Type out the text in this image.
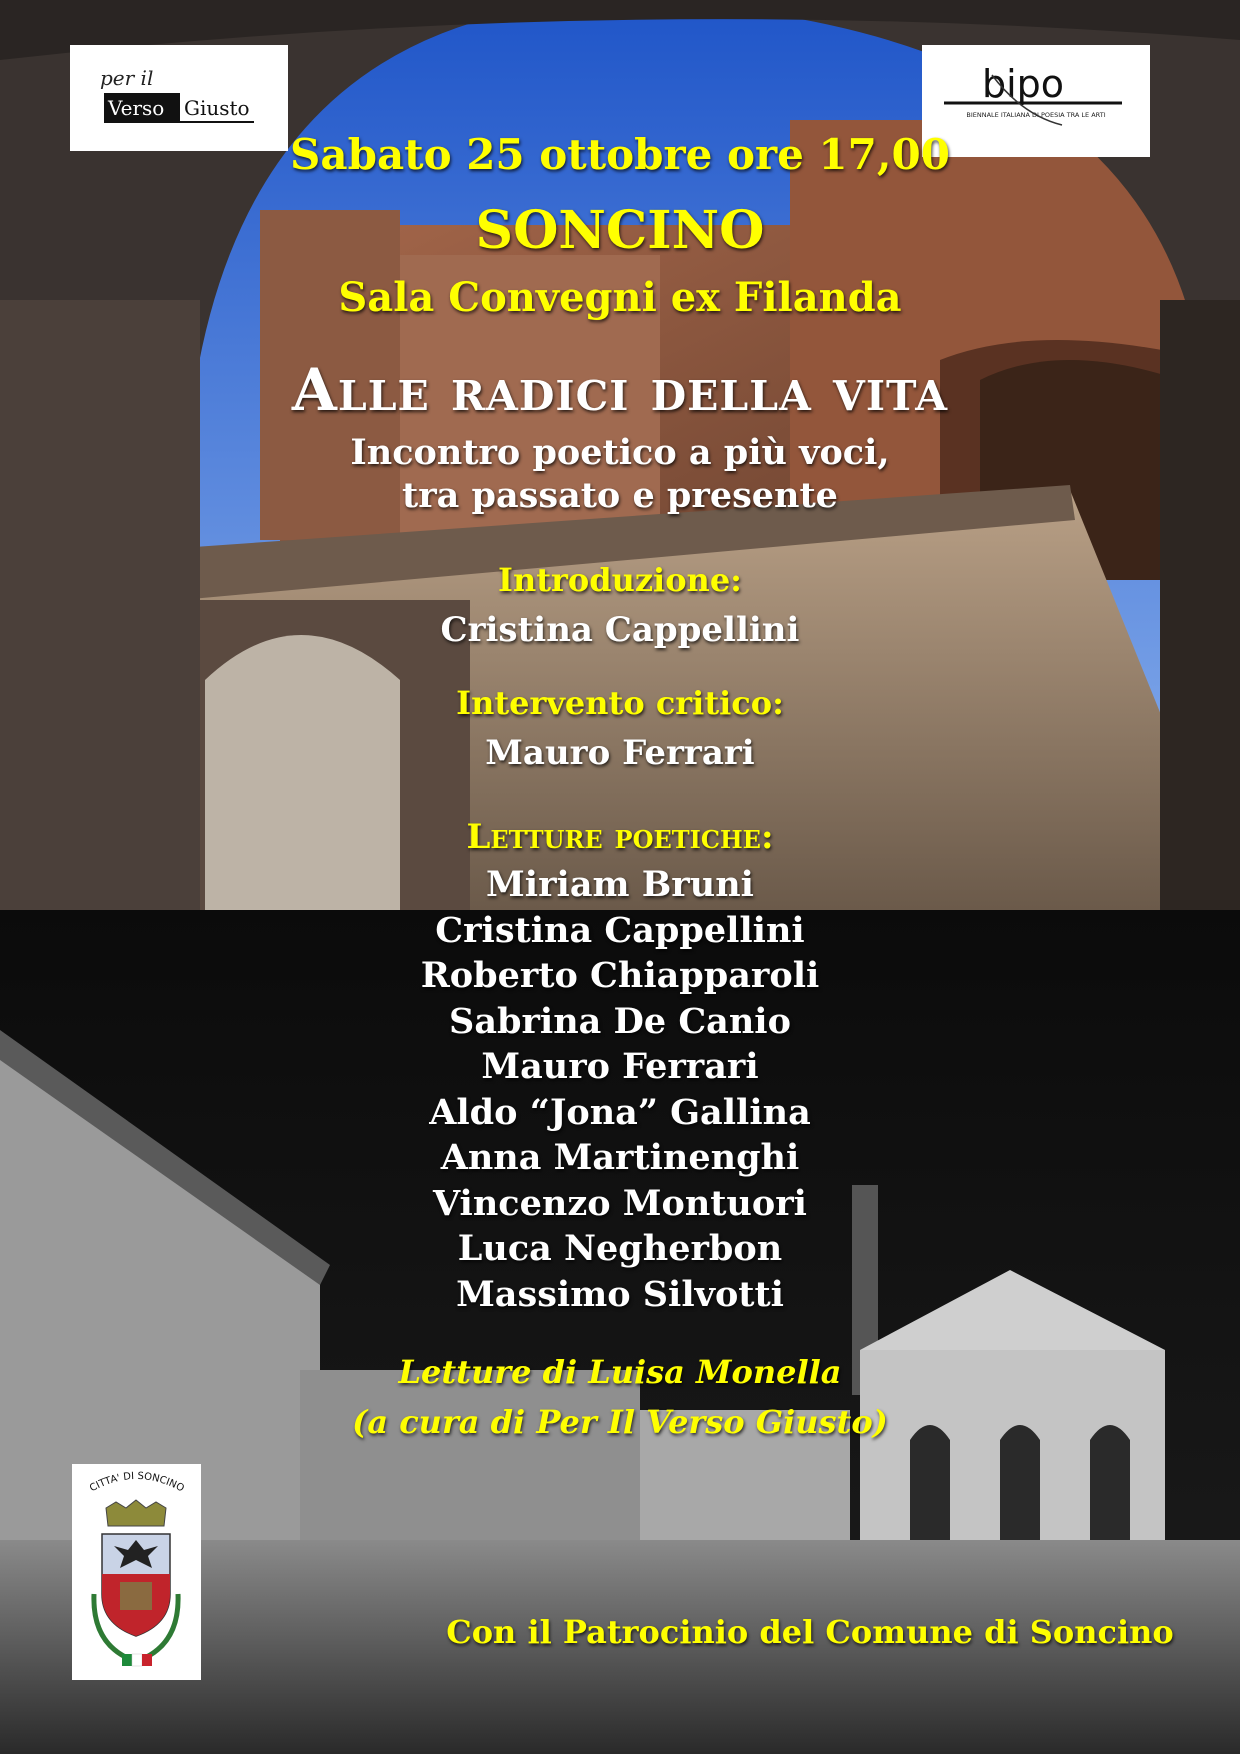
per il
Verso Giusto
bipo
BIENNALE ITALIANA DI POESIA TRA LE ARTI
CITTA' DI SONCINO
Sabato 25 ottobre ore 17,00
SONCINO
Sala Convegni ex Filanda
Alle radici della vita
Incontro poetico a più voci,
tra passato e presente
Introduzione:
Cristina Cappellini
Intervento critico:
Mauro Ferrari
Letture poetiche:
Miriam Bruni
Cristina Cappellini
Roberto Chiapparoli
Sabrina De Canio
Mauro Ferrari
Aldo “Jona” Gallina
Anna Martinenghi
Vincenzo Montuori
Luca Negherbon
Massimo Silvotti
Letture di Luisa Monella
(a cura di Per Il Verso Giusto)
Con il Patrocinio del Comune di Soncino
